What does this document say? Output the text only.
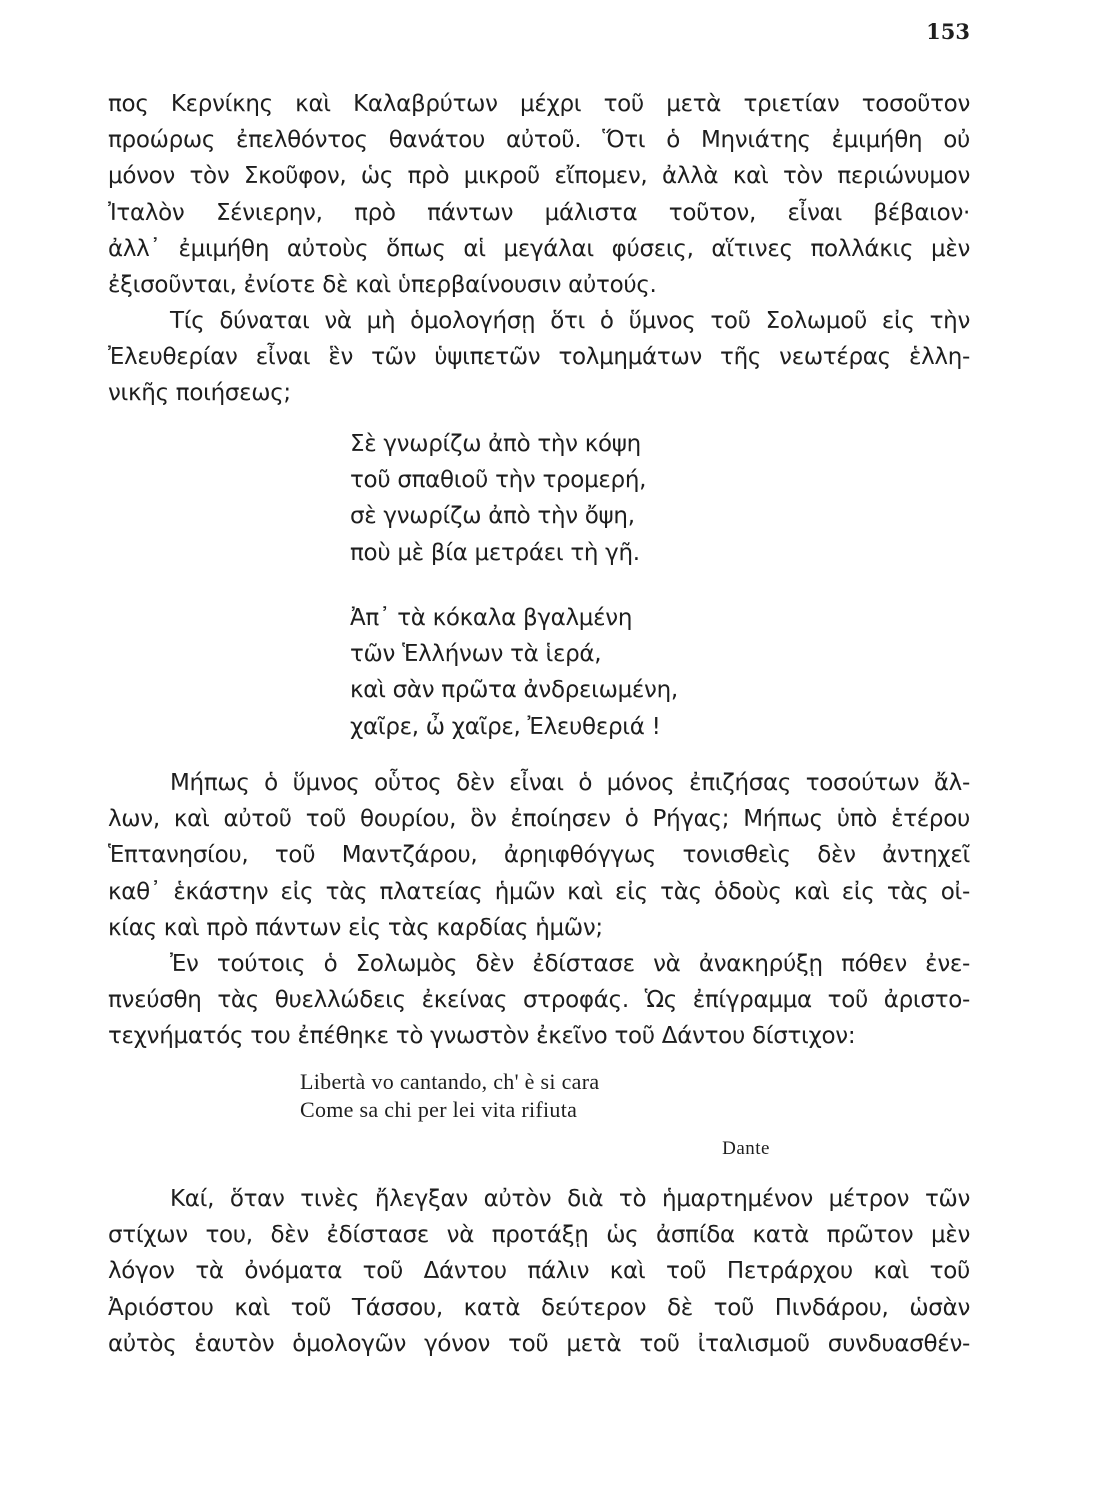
153
πος Κερνίκης καὶ Καλαβρύτων μέχρι τοῦ μετὰ τριετίαν τοσοῦτον
προώρως ἐπελθόντος θανάτου αὐτοῦ. Ὅτι ὁ Μηνιάτης ἐμιμήθη οὐ
μόνον τὸν Σκοῦφον, ὡς πρὸ μικροῦ εἴπομεν, ἀλλὰ καὶ τὸν περιώνυμον
Ἰταλὸν Σένιερην, πρὸ πάντων μάλιστα τοῦτον, εἶναι βέβαιον·
ἀλλ᾽ ἐμιμήθη αὐτοὺς ὅπως αἱ μεγάλαι φύσεις, αἵτινες πολλάκις μὲν
ἐξισοῦνται, ἐνίοτε δὲ καὶ ὑπερβαίνουσιν αὐτούς.
Τίς δύναται νὰ μὴ ὁμολογήσῃ ὅτι ὁ ὕμνος τοῦ Σολωμοῦ εἰς τὴν
Ἐλευθερίαν εἶναι ἓν τῶν ὑψιπετῶν τολμημάτων τῆς νεωτέρας ἑλλη-
νικῆς ποιήσεως;
Σὲ γνωρίζω ἀπὸ τὴν κόψη
τοῦ σπαθιοῦ τὴν τρομερή,
σὲ γνωρίζω ἀπὸ τὴν ὄψη,
ποὺ μὲ βία μετράει τὴ γῆ.
Ἀπ᾽ τὰ κόκαλα βγαλμένη
τῶν Ἑλλήνων τὰ ἱερά,
καὶ σὰν πρῶτα ἀνδρειωμένη,
χαῖρε, ὦ χαῖρε, Ἐλευθεριά !
Μήπως ὁ ὕμνος οὗτος δὲν εἶναι ὁ μόνος ἐπιζήσας τοσούτων ἄλ-
λων, καὶ αὐτοῦ τοῦ θουρίου, ὃν ἐποίησεν ὁ Ρήγας; Μήπως ὑπὸ ἑτέρου
Ἑπτανησίου, τοῦ Μαντζάρου, ἀρηιφθόγγως τονισθεὶς δὲν ἀντηχεῖ
καθ᾽ ἑκάστην εἰς τὰς πλατείας ἡμῶν καὶ εἰς τὰς ὁδοὺς καὶ εἰς τὰς οἰ-
κίας καὶ πρὸ πάντων εἰς τὰς καρδίας ἡμῶν;
Ἐν τούτοις ὁ Σολωμὸς δὲν ἐδίστασε νὰ ἀνακηρύξῃ πόθεν ἐνε-
πνεύσθη τὰς θυελλώδεις ἐκείνας στροφάς. Ὡς ἐπίγραμμα τοῦ ἀριστο-
τεχνήματός του ἐπέθηκε τὸ γνωστὸν ἐκεῖνο τοῦ Δάντου δίστιχον:
Libertà vo cantando, ch' è si cara
Come sa chi per lei vita rifiuta
Dante
Καί, ὅταν τινὲς ἤλεγξαν αὐτὸν διὰ τὸ ἡμαρτημένον μέτρον τῶν
στίχων του, δὲν ἐδίστασε νὰ προτάξῃ ὡς ἀσπίδα κατὰ πρῶτον μὲν
λόγον τὰ ὀνόματα τοῦ Δάντου πάλιν καὶ τοῦ Πετράρχου καὶ τοῦ
Ἀριόστου καὶ τοῦ Τάσσου, κατὰ δεύτερον δὲ τοῦ Πινδάρου, ὡσὰν
αὐτὸς ἑαυτὸν ὁμολογῶν γόνον τοῦ μετὰ τοῦ ἰταλισμοῦ συνδυασθέν-
